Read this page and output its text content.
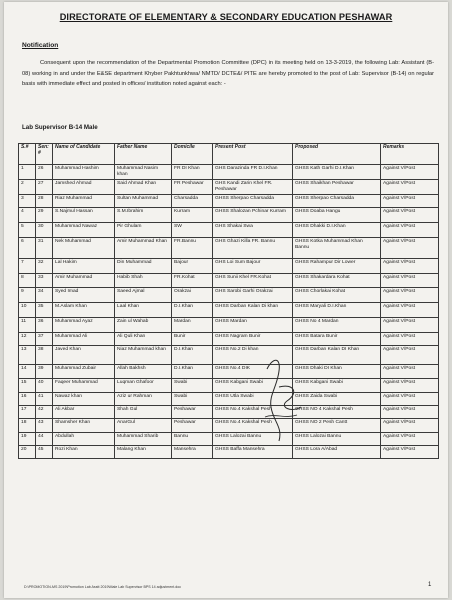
DIRECTORATE OF ELEMENTARY & SECONDARY EDUCATION PESHAWAR
Notification
Consequent upon the recommendation of the Departmental Promotion Committee (DPC) in its meeting held on 13-3-2019, the following Lab: Assistant (B-08) working in and under the E&SE department Khyber Pakhtunkhwa/ NMTD/ DCTE&/ PITE are hereby promoted to the post of Lab: Supervisor (B-14) on regular basis with immediate effect and posted in offices/ institution noted against each: -
Lab Supervisor B-14 Male
S.#	Sen: #	Name of Candidate	Father Name	Domicile	Present Post	Proposed	Remarks
1	26	Muhammad Hashim	Muhammad Nasim khan	FR DI Khan	GHS Darazinda FR D.I.Khan	GHSS Kath Garhi D.I.Khan	Against V/Post
2	27	Jamshed Ahmad	Said Ahmad Khan	FR Peshawar	GHS Kandi Zarin Khel FR. Peshawar	GHSS Shaikhan Peshawar	Against V/Post
3	28	Riaz Muhammad	Sultan Muhammad	Charsadda	GHSS Sherpao Charsadda	GHSS Sherpao Charsadda	Against V/Post
4	29	S.Najmul Hassan	S.M.Ibrahim	Kurram	GHSS Shalozan Pchinar Kurram	GHSS Doaba Hangu	Against V/Post
5	30	Muhammad Nawaz	Pir Ghulam	SW	GHS Shakai Swa	GHSS Dhakki D.I.Khan	Against V/Post
6	31	Nek Muhammad	Amir Muhammad Khan	FR.Bannu	GHS Ghazi Killa FR. Bannu	GHSS Kotka Muhammad Khan Bannu	Against V/Post
7	32	Lal Hakim	Din Muhammad	Bajour	GHS Loi Sum Bajour	GHSS Rahampur Dir Lower	Against V/Post
8	33	Amir Muhammad	Habib Shah	FR.Kohat	GHS Sunii Khel FR.Kohat	GHSS Shakardara Kohat	Against V/Post
9	34	Syed Imad	Saeed Ajmal	Orakzai	GHS Sarobi Garhi Orakzai	GHSS Chorlakai Kohat	Against V/Post
10	35	M.Aslam Khan	Laal Khan	D.I.Khan	GHSS Darban Kalan Di khan	GHSS Maryali D.I.Khan	Against V/Post
11	36	Muhammad Ayaz	Zain ul Wahab	Mardan	GHSS Mardan	GHSS No 4 Mardan	Against V/Post
12	37	Muhammad Ali	Ali Quli Khan	Bunir	GHSS Nagram Bunir	GHSS Batara Bunir	Against V/Post
13	38	Javed Khan	Niaz Muhammad khan	D.I.Khan	GHSS No.2 Di khan	GHSS Darban Kalan DI Khan	Against V/Post
14	39	Muhammad Zubair	Allah Bakhsh	D.I.Khan	GHSS No.4 DIK	GHSS Dhaki DI Khan	Against V/Post
15	40	Faqeer Muhammad	Luqman Ghafoor	Swabi	GHSS Kabgani Swabi	GHSS Kabgani Swabi	Against V/Post
16	41	Nawaz khan	Aziz ur Rahman	Swabi	GHSS Utla Swabi	GHSS Zaida Swabi	Against V/Post
17	42	Ali Akbar	Shah Gul	Peshawar	GHSS No.4 Kakshal Pesh	GHSS NO 4 Kakshal Pesh	Against V/Post
18	43	Shamsher Khan	AnarGul	Peshawar	GHSS No.4 Kakshal Pesh	GHSS NO 2 Pesh Cantt	Against V/Post
19	44	Abdullah	Muhammad Sharib	Bannu	GHSS Lalozai Bannu	GHSS Lalozai Bannu	Against V/Post
20	45	Rozi Khan	Malang Khan	Mansehra	GHSS Baffa Mansehra	GHSS Lora A/Abad	Against V/Post
D:\PROMOTION-MS 2019\Promotion Lab Asstt 2019\Male Lab Supervisor BPS 14 adjustment.doc	1
